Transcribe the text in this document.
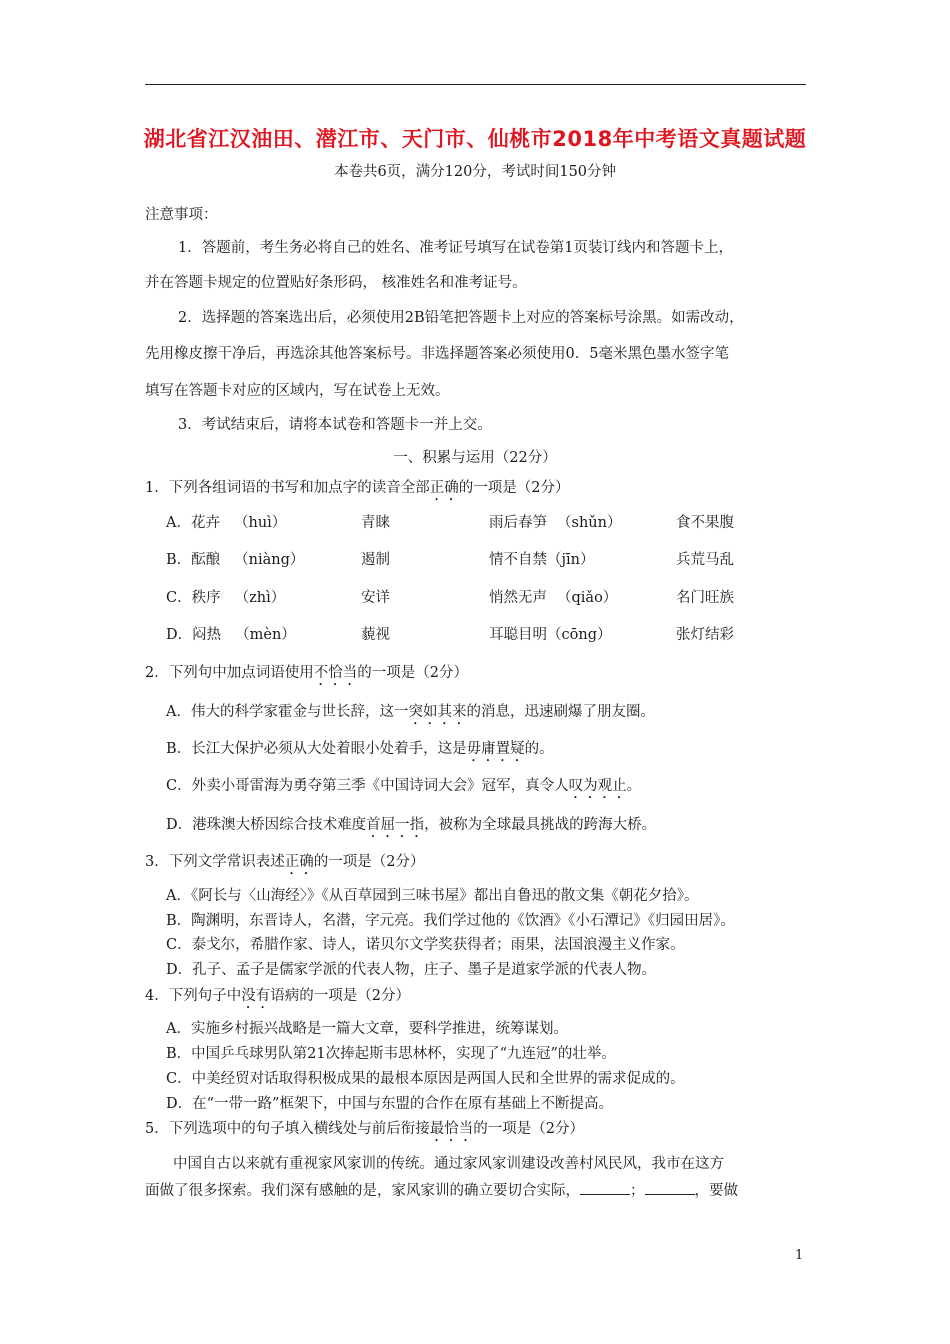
湖北省江汉油田、潜江市、天门市、仙桃市2018年中考语文真题试题
本卷共6页，满分120分，考试时间150分钟
注意事项：
1．答题前，考生务必将自己的姓名、准考证号填写在试卷第1页装订线内和答题卡上，
并在答题卡规定的位置贴好条形码， 核准姓名和准考证号。
2．选择题的答案选出后，必须使用2B铅笔把答题卡上对应的答案标号涂黑。如需改动，
先用橡皮擦干净后，再选涂其他答案标号。非选择题答案必须使用0．5毫米黑色墨水签字笔
填写在答题卡对应的区域内，写在试卷上无效。
3．考试结束后，请将本试卷和答题卡一并上交。
一、积累与运用（22分）
1．下列各组词语的书写和加点字的读音全部正确的一项是（2分）
A．花卉 （huì）	青睐	雨后春笋 （shǔn）	食不果腹
B．酝酿 （niàng）	遏制	情不自禁（jīn）	兵荒马乱
C．秩序 （zhì）	安详	悄然无声 （qiǎo）	名门旺族
D．闷热 （mèn）	藐视	耳聪目明（cōng）	张灯结彩
2．下列句中加点词语使用不恰当的一项是（2分）
A．伟大的科学家霍金与世长辞，这一突如其来的消息，迅速刷爆了朋友圈。
B．长江大保护必须从大处着眼小处着手，这是毋庸置疑的。
C．外卖小哥雷海为勇夺第三季《中国诗词大会》冠军，真令人叹为观止。
D．港珠澳大桥因综合技术难度首屈一指，被称为全球最具挑战的跨海大桥。
3．下列文学常识表述正确的一项是（2分）
A．《阿长与〈山海经〉》《从百草园到三味书屋》都出自鲁迅的散文集《朝花夕拾》。
B．陶渊明，东晋诗人，名潜，字元亮。我们学过他的《饮酒》《小石潭记》《归园田居》。
C．泰戈尔，希腊作家、诗人，诺贝尔文学奖获得者；雨果，法国浪漫主义作家。
D．孔子、孟子是儒家学派的代表人物，庄子、墨子是道家学派的代表人物。
4．下列句子中没有语病的一项是（2分）
A．实施乡村振兴战略是一篇大文章，要科学推进，统筹谋划。
B．中国乒乓球男队第21次捧起斯韦思林杯，实现了“九连冠”的壮举。
C．中美经贸对话取得积极成果的最根本原因是两国人民和全世界的需求促成的。
D．在“一带一路”框架下，中国与东盟的合作在原有基础上不断提高。
5．下列选项中的句子填入横线处与前后衔接最恰当的一项是（2分）
中国自古以来就有重视家风家训的传统。通过家风家训建设改善村风民风，我市在这方
面做了很多探索。我们深有感触的是，家风家训的确立要切合实际，	；	，要做
1
